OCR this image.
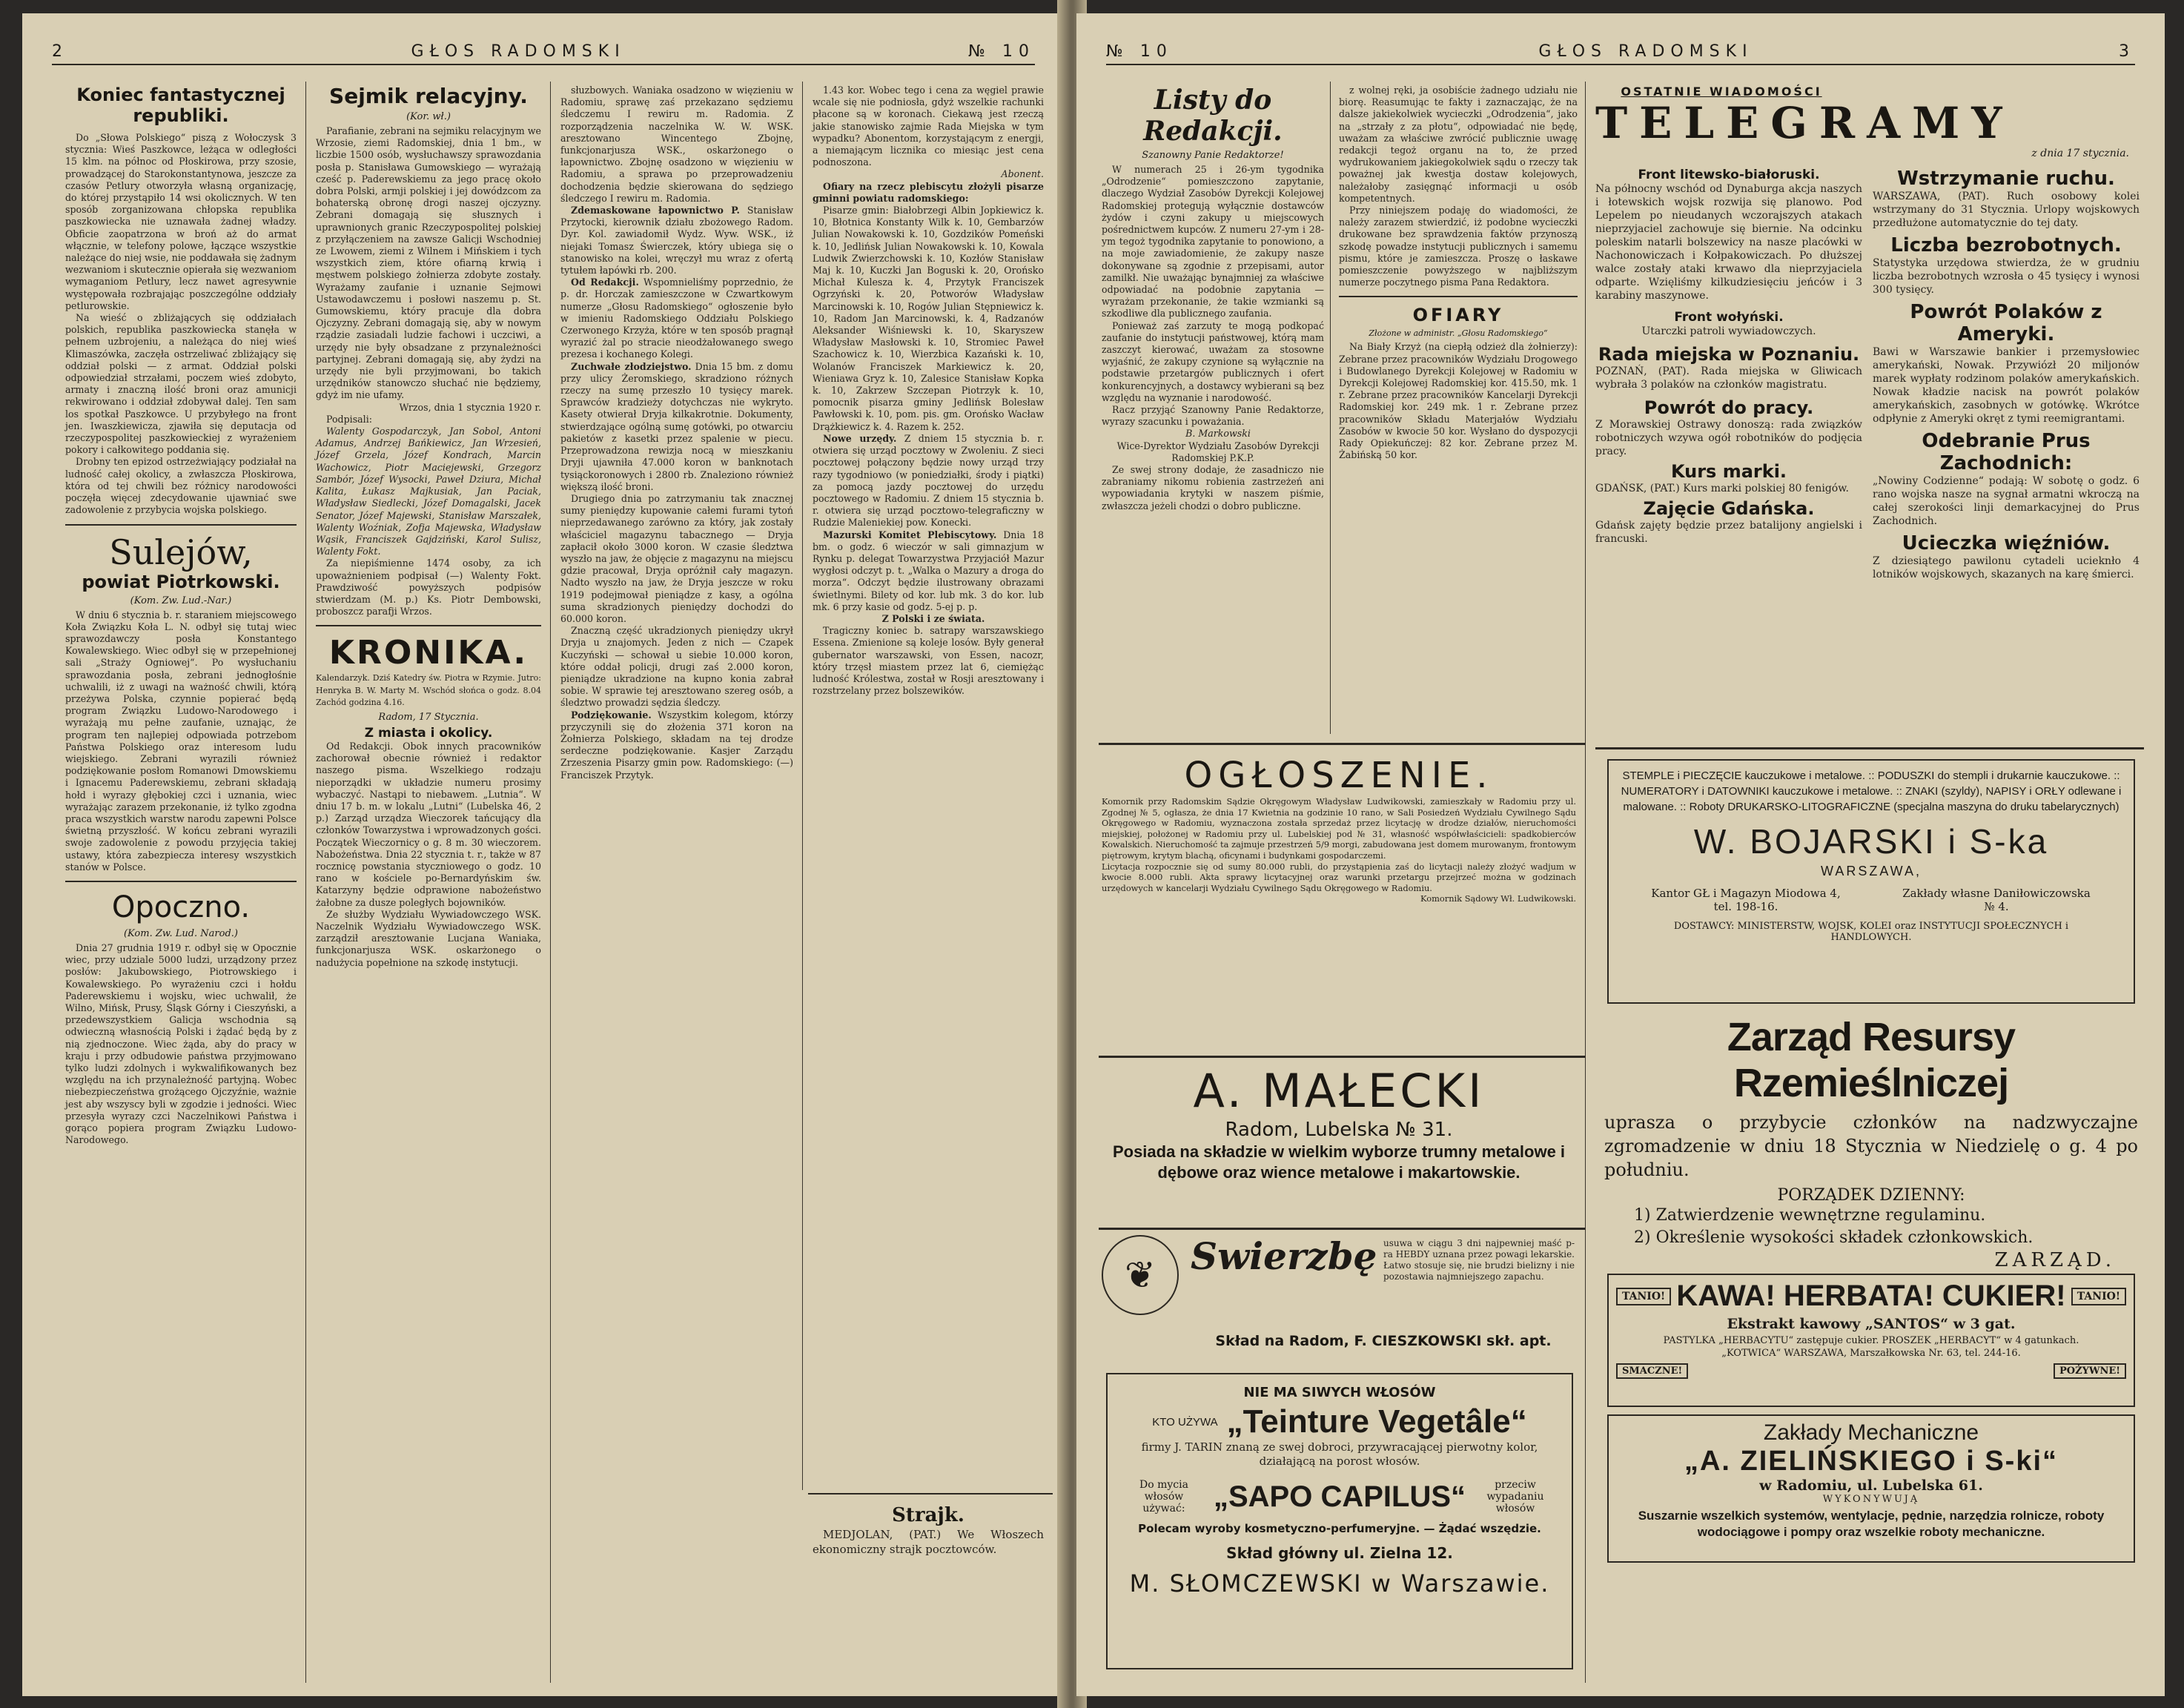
2	GŁOS RADOMSKI	№ 10
Koniec fantastycznej republiki.

Do „Słowa Polskiego“ piszą z Wołoczysk 3 stycznia: Wieś Paszkowce, leżąca w odległości 15 klm. na północ od Płoskirowa, przy szosie, prowadzącej do Starokonstantynowa, jeszcze za czasów Petlury otworzyła własną organizację, do której przystąpiło 14 wsi okolicznych. W ten sposób zorganizowana chłopska republika paszkowiecka nie uznawała żadnej władzy. Obficie zaopatrzona w broń aż do armat włącznie, w telefony polowe, łączące wszystkie należące do niej wsie, nie poddawała się żadnym wezwaniom i skutecznie opierała się wezwaniom wymaganiom Petlury, lecz nawet agresywnie występowała rozbrajając poszczególne oddziały petlurowskie.

Na wieść o zbliżających się oddziałach polskich, republika paszkowiecka stanęła w pełnem uzbrojeniu, a należąca do niej wieś Klimaszówka, zaczęła ostrzeliwać zbliżający się oddział polski — z armat. Oddział polski odpowiedział strzałami, poczem wieś zdobyto, armaty i znaczną ilość broni oraz amunicji rekwirowano i oddział zdobywał dalej. Ten sam los spotkał Paszkowce. U przybyłego na front jen. Iwaszkiewicza, zjawiła się deputacja od rzeczypospolitej paszkowieckiej z wyrażeniem pokory i całkowitego poddania się.

Drobny ten epizod ostrzeżwiający podziałał na ludność całej okolicy, a zwłaszcza Płoskirowa, która od tej chwili bez różnicy narodowości poczęła więcej zdecydowanie ujawniać swe zadowolenie z przybycia wojska polskiego.

Sulejów,
powiat Piotrkowski.
(Kom. Zw. Lud.-Nar.)

W dniu 6 stycznia b. r. staraniem miejscowego Koła Związku Koła L. N. odbył się tutaj wiec sprawozdawczy posła Konstantego Kowalewskiego. Wiec odbył się w przepełnionej sali „Straży Ogniowej“. Po wysłuchaniu sprawozdania posła, zebrani jednogłośnie uchwalili, iż z uwagi na ważność chwili, którą przeżywa Polska, czynnie popierać będą program Związku Ludowo-Narodowego i wyrażają mu pełne zaufanie, uznając, że program ten najlepiej odpowiada potrzebom Państwa Polskiego oraz interesom ludu wiejskiego. Zebrani wyrazili również podziękowanie posłom Romanowi Dmowskiemu i Ignacemu Paderewskiemu, zebrani składają hołd i wyrazy głębokiej czci i uznania, wiec wyrażając zarazem przekonanie, iż tylko zgodna praca wszystkich warstw narodu zapewni Polsce świetną przyszłość. W końcu zebrani wyrazili swoje zadowolenie z powodu przyjęcia takiej ustawy, która zabezpiecza interesy wszystkich stanów w Polsce.

Opoczno.
(Kom. Zw. Lud. Narod.)

Dnia 27 grudnia 1919 r. odbył się w Opocznie wiec, przy udziale 5000 ludzi, urządzony przez posłów: Jakubowskiego, Piotrowskiego i Kowalewskiego. Po wyrażeniu czci i hołdu Paderewskiemu i wojsku, wiec uchwalił, że Wilno, Mińsk, Prusy, Śląsk Górny i Cieszyński, a przedewszystkiem Galicja wschodnia są odwieczną własnością Polski i żądać będą by z nią zjednoczone. Wiec żąda, aby do pracy w kraju i przy odbudowie państwa przyjmowano tylko ludzi zdolnych i wykwalifikowanych bez względu na ich przynależność partyjną. Wobec niebezpieczeństwa grożącego Ojczyźnie, ważnie jest aby wszyscy byli w zgodzie i jedności. Wiec przesyła wyrazy czci Naczelnikowi Państwa i gorąco popiera program Związku Ludowo-Narodowego.

Sejmik relacyjny.
(Kor. wł.)

Parafianie, zebrani na sejmiku relacyjnym we Wrzosie, ziemi Radomskiej, dnia 1 bm., w liczbie 1500 osób, wysłuchawszy sprawozdania posła p. Stanisława Gumowskiego — wyrażają cześć p. Paderewskiemu za jego pracę około dobra Polski, armji polskiej i jej dowódzcom za bohaterską obronę drogi naszej ojczyzny. Zebrani domagają się słusznych i uprawnionych granic Rzeczypospolitej polskiej z przyłączeniem na zawsze Galicji Wschodniej ze Lwowem, ziemi z Wilnem i Mińskiem i tych wszystkich ziem, które ofiarną krwią i męstwem polskiego żołnierza zdobyte zostały. Wyrażamy zaufanie i uznanie Sejmowi Ustawodawczemu i posłowi naszemu p. St. Gumowskiemu, który pracuje dla dobra Ojczyzny. Zebrani domagają się, aby w nowym rządzie zasiadali ludzie fachowi i uczciwi, a urzędy nie były obsadzane z przynależności partyjnej. Zebrani domagają się, aby żydzi na urzędy nie byli przyjmowani, bo takich urzędników stanowczo słuchać nie będziemy, gdyż im nie ufamy.

Wrzos, dnia 1 stycznia 1920 r.

Podpisali:

Walenty Gospodarczyk, Jan Sobol, Antoni Adamus, Andrzej Bańkiewicz, Jan Wrzesień, Józef Grzela, Józef Kondrach, Marcin Wachowicz, Piotr Maciejewski, Grzegorz Sambór, Józef Wysocki, Paweł Dziura, Michał Kalita, Łukasz Majkusiak, Jan Paciak, Władysław Siedlecki, Józef Domagalski, Jacek Senator, Józef Majewski, Stanisław Marszałek, Walenty Woźniak, Zofja Majewska, Władysław Wąsik, Franciszek Gajdziński, Karol Sulisz, Walenty Fokt.

Za niepiśmienne 1474 osoby, za ich upoważnieniem podpisał (—) Walenty Fokt. Prawdziwość powyższych podpisów stwierdzam (M. p.) Ks. Piotr Dembowski, proboszcz parafji Wrzos.

KRONIKA.
Kalendarzyk. Dziś Katedry św. Piotra w Rzymie. Jutro: Henryka B. W. Marty M. Wschód słońca o godz. 8.04 Zachód godzina 4.16.
Radom, 17 Stycznia.
Z miasta i okolicy.

Od Redakcji. Obok innych pracowników zachorował obecnie również i redaktor naszego pisma. Wszelkiego rodzaju nieporządki w układzie numeru prosimy wybaczyć. Nastąpi to niebawem. „Lutnia“. W dniu 17 b. m. w lokalu „Lutni“ (Lubelska 46, 2 p.) Zarząd urządza Wieczorek tańcujący dla członków Towarzystwa i wprowadzonych gości. Początek Wieczornicy o g. 8 m. 30 wieczorem. Nabożeństwa. Dnia 22 stycznia t. r., także w 87 rocznicę powstania styczniowego o godz. 10 rano w kościele po-Bernardyńskim św. Katarzyny będzie odprawione nabożeństwo żałobne za dusze poległych bojowników.

Ze służby Wydziału Wywiadowczego WSK. Naczelnik Wydziału Wywiadowczego WSK. zarządził aresztowanie Lucjana Waniaka, funkcjonarjusza WSK. oskarżonego o nadużycia popełnione na szkodę instytucji.

słuzbowych. Waniaka osadzono w więzieniu w Radomiu, sprawę zaś przekazano sędziemu śledczemu I rewiru m. Radomia. Z rozporządzenia naczelnika W. W. WSK. aresztowano Wincentego Zbojnę, funkcjonarjusza WSK., oskarżonego o łapownictwo. Zbojnę osadzono w więzieniu w Radomiu, a sprawa po przeprowadzeniu dochodzenia będzie skierowana do sędziego śledczego I rewiru m. Radomia.

Zdemaskowane łapownictwo P. Stanisław Przytocki, kierownik działu zbożowego Radom. Dyr. Kol. zawiadomił Wydz. Wyw. WSK., iż niejaki Tomasz Świerczek, który ubiega się o stanowisko na kolei, wręczył mu wraz z ofertą tytułem łapówki rb. 200.

Od Redakcji. Wspomnieliśmy poprzednio, że p. dr. Horczak zamieszczone w Czwartkowym numerze „Głosu Radomskiego“ ogłoszenie było w imieniu Radomskiego Oddziału Polskiego Czerwonego Krzyża, które w ten sposób pragnął wyrazić żal po stracie nieodżałowanego swego prezesa i kochanego Kolegi.

Zuchwałe złodziejstwo. Dnia 15 bm. z domu przy ulicy Żeromskiego, skradziono różnych rzeczy na sumę przeszło 10 tysięcy marek. Sprawców kradzieży dotychczas nie wykryto. Kasety otwierał Dryja kilkakrotnie. Dokumenty, stwierdzające ogólną sumę gotówki, po otwarciu pakietów z kasetki przez spalenie w piecu. Przeprowadzona rewizja nocą w mieszkaniu Dryji ujawniła 47.000 koron w banknotach tysiąckoronowych i 2800 rb. Znaleziono również większą ilość broni.

Drugiego dnia po zatrzymaniu tak znacznej sumy pieniędzy kupowanie całemi furami tytoń nieprzedawanego zarówno za który, jak zostały właściciel magazynu tabacznego — Dryja zapłacił około 3000 koron. W czasie śledztwa wyszło na jaw, że objęcie z magazynu na miejscu gdzie pracował, Dryja opróżnił cały magazyn. Nadto wyszło na jaw, że Dryja jeszcze w roku 1919 podejmował pieniądze z kasy, a ogólna suma skradzionych pieniędzy dochodzi do 60.000 koron.

Znaczną część ukradzionych pieniędzy ukrył Dryja u znajomych. Jeden z nich — Czapek Kuczyński — schował u siebie 10.000 koron, które oddał policji, drugi zaś 2.000 koron, pieniądze ukradzione na kupno konia zabrał sobie. W sprawie tej aresztowano szereg osób, a śledztwo prowadzi sędzia śledczy.

Podziękowanie. Wszystkim kolegom, którzy przyczynili się do złożenia 371 koron na Żołnierza Polskiego, składam na tej drodze serdeczne podziękowanie. Kasjer Zarządu Zrzeszenia Pisarzy gmin pow. Radomskiego: (—) Franciszek Przytyk.

1.43 kor. Wobec tego i cena za węgiel prawie wcale się nie podniosła, gdyż wszelkie rachunki płacone są w koronach. Ciekawą jest rzeczą jakie stanowisko zajmie Rada Miejska w tym wypadku? Abonentom, korzystającym z energji, a niemającym licznika co miesiąc jest cena podnoszona.

Abonent.

Ofiary na rzecz plebiscytu złożyli pisarze gminni powiatu radomskiego:

Pisarze gmin: Białobrzegi Albin Jopkiewicz k. 10, Błotnica Konstanty Wilk k. 10, Gembarzów Julian Nowakowski k. 10, Gozdzików Pomeński k. 10, Jedlińsk Julian Nowakowski k. 10, Kowala Ludwik Zwierzchowski k. 10, Kozłów Stanisław Maj k. 10, Kuczki Jan Boguski k. 20, Orońsko Michał Kulesza k. 4, Przytyk Franciszek Ogrzyński k. 20, Potworów Władysław Marcinowski k. 10, Rogów Julian Stępniewicz k. 10, Radom Jan Marcinowski, k. 4, Radzanów Aleksander Wiśniewski k. 10, Skaryszew Władysław Masłowski k. 10, Stromiec Paweł Szachowicz k. 10, Wierzbica Kazański k. 10, Wolanów Franciszek Markiewicz k. 20, Wieniawa Gryz k. 10, Zalesice Stanisław Kopka k. 10, Zakrzew Szczepan Piotrzyk k. 10, pomocnik pisarza gminy Jedlińsk Bolesław Pawłowski k. 10, pom. pis. gm. Orońsko Wacław Drążkiewicz k. 4. Razem k. 252.

Nowe urzędy. Z dniem 15 stycznia b. r. otwiera się urząd pocztowy w Zwoleniu. Z sieci pocztowej połączony będzie nowy urząd trzy razy tygodniowo (w poniedziałki, środy i piątki) za pomocą jazdy pocztowej do urzędu pocztowego w Radomiu. Z dniem 15 stycznia b. r. otwiera się urząd pocztowo-telegraficzny w Rudzie Maleniekiej pow. Konecki.

Mazurski Komitet Plebiscytowy. Dnia 18 bm. o godz. 6 wieczór w sali gimnazjum w Rynku p. delegat Towarzystwa Przyjaciół Mazur wygłosi odczyt p. t. „Walka o Mazury a droga do morza“. Odczyt będzie ilustrowany obrazami świetlnymi. Bilety od kor. lub mk. 3 do kor. lub mk. 6 przy kasie od godz. 5-ej p. p.

Z Polski i ze świata.

Tragiczny koniec b. satrapy warszawskiego Essena. Zmienione są koleje losów. Były generał gubernator warszawski, von Essen, nacozr, który trzęsł miastem przez lat 6, ciemiężąc ludność Królestwa, został w Rosji aresztowany i rozstrzelany przez bolszewików.

Strajk.

MEDJOLAN, (PAT.) We Włoszech ekonomiczny strajk pocztowców.

№ 10	GŁOS RADOMSKI	3
Listy do Redakcji.
Szanowny Panie Redaktorze!

W numerach 25 i 26-ym tygodnika „Odrodzenie“ pomieszczono zapytanie, dlaczego Wydział Zasobów Dyrekcji Kolejowej Radomskiej protegują wyłącznie dostawców żydów i czyni zakupy u miejscowych pośrednictwem kupców. Z numeru 27-ym i 28-ym tegoż tygodnika zapytanie to ponowiono, a na moje zawiadomienie, że zakupy nasze dokonywane są zgodnie z przepisami, autor zamilkł. Nie uważając bynajmniej za właściwe odpowiadać na podobnie zapytania — wyrażam przekonanie, że takie wzmianki są szkodliwe dla publicznego zaufania.

Ponieważ zaś zarzuty te mogą podkopać zaufanie do instytucji państwowej, którą mam zaszczyt kierować, uważam za stosowne wyjaśnić, że zakupy czynione są wyłącznie na podstawie przetargów publicznych i ofert konkurencyjnych, a dostawcy wybierani są bez względu na wyznanie i narodowość.

Racz przyjąć Szanowny Panie Redaktorze, wyrazy szacunku i poważania.

B. Markowski

Wice-Dyrektor Wydziału Zasobów Dyrekcji Radomskiej P.K.P.

Ze swej strony dodaje, że zasadniczo nie zabraniamy nikomu robienia zastrzeżeń ani wypowiadania krytyki w naszem piśmie, zwłaszcza jeżeli chodzi o dobro publiczne.

z wolnej ręki, ja osobiście żadnego udziału nie biorę. Reasumując te fakty i zaznaczając, że na dalsze jakiekolwiek wycieczki „Odrodzenia“, jako na „strzały z za płotu“, odpowiadać nie będę, uważam za właściwe zwrócić publicznie uwagę redakcji tegoż organu na to, że przed wydrukowaniem jakiegokolwiek sądu o rzeczy tak poważnej jak kwestja dostaw kolejowych, należałoby zasięgnąć informacji u osób kompetentnych.

Przy niniejszem podaję do wiadomości, że należy zarazem stwierdzić, iż podobne wycieczki drukowane bez sprawdzenia faktów przynoszą szkodę powadze instytucji publicznych i samemu pismu, które je zamieszcza. Proszę o łaskawe pomieszczenie powyższego w najbliższym numerze poczytnego pisma Pana Redaktora.

OFIARY
Złożone w administr. „Głosu Radomskiego“

Na Biały Krzyż (na ciepłą odzież dla żołnierzy): Zebrane przez pracowników Wydziału Drogowego i Budowlanego Dyrekcji Kolejowej w Radomiu w Dyrekcji Kolejowej Radomskiej kor. 415.50, mk. 1 r. Zebrane przez pracowników Kancelarji Dyrekcji Radomskiej kor. 249 mk. 1 r. Zebrane przez pracowników Składu Materjałów Wydziału Zasobów w kwocie 50 kor. Wysłano do dyspozycji Rady Opiekuńczej: 82 kor. Zebrane przez M. Żabińską 50 kor.

OGŁOSZENIE.

Komornik przy Radomskim Sądzie Okręgowym Władysław Ludwikowski, zamieszkały w Radomiu przy ul. Zgodnej № 5, ogłasza, że dnia 17 Kwietnia na godzinie 10 rano, w Sali Posiedzeń Wydziału Cywilnego Sądu Okręgowego w Radomiu, wyznaczona została sprzedaż przez licytację w drodze działów, nieruchomości miejskiej, położonej w Radomiu przy ul. Lubelskiej pod № 31, własność współwłaścicieli: spadkobierców Kowalskich. Nieruchomość ta zajmuje przestrzeń 5/9 morgi, zabudowana jest domem murowanym, frontowym piętrowym, krytym blachą, oficynami i budynkami gospodarczemi.

Licytacja rozpocznie się od sumy 80.000 rubli, do przystąpienia zaś do licytacji należy złożyć wadjum w kwocie 8.000 rubli. Akta sprawy licytacyjnej oraz warunki przetargu przejrzeć można w godzinach urzędowych w kancelarji Wydziału Cywilnego Sądu Okręgowego w Radomiu.

Komornik Sądowy Wł. Ludwikowski.

A. MAŁECKI
Radom, Lubelska № 31.
Posiada na składzie w wielkim wyborze trumny metalowe i dębowe oraz wience metalowe i makartowskie.
❦ Swierzbę usuwa w ciągu 3 dni najpewniej maść p-ra HEBDY uznana przez powagi lekarskie. Łatwo stosuje się, nie brudzi bielizny i nie pozostawia najmniejszego zapachu.
Skład na Radom, F. CIESZKOWSKI skł. apt.
NIE MA SIWYCH WŁOSÓW
KTO UŻYWA „Teinture Vegetâle“
firmy J. TARIN znaną ze swej dobroci, przywracającej pierwotny kolor, działającą na porost włosów.
Do mycia włosów używać: „SAPO CAPILUS“	przeciw wypadaniu włosów
Polecam wyroby kosmetyczno-perfumeryjne. — Żądać wszędzie.
Skład główny ul. Zielna 12.
M. SŁOMCZEWSKI w Warszawie.
OSTATNIE WIADOMOŚCI
TELEGRAMY
z dnia 17 stycznia.
Front litewsko-białoruski.
Na północny wschód od Dynaburga akcja naszych i łotewskich wojsk rozwija się planowo. Pod Lepelem po nieudanych wczorajszych atakach nieprzyjaciel zachowuje się biernie. Na odcinku poleskim natarli bolszewicy na nasze placówki w Nachonowiczach i Kołpakowiczach. Po dłuższej walce zostały ataki krwawo dla nieprzyjaciela odparte. Wzięliśmy kilkudziesięciu jeńców i 3 karabiny maszynowe.
Front wołyński.
Utarczki patroli wywiadowczych.
Rada miejska w Poznaniu.
POZNAŃ, (PAT). Rada miejska w Gliwicach wybrała 3 polaków na członków magistratu.
Powrót do pracy.
Z Morawskiej Ostrawy donoszą: rada związków robotniczych wzywa ogół robotników do podjęcia pracy.
Kurs marki.
GDAŃSK, (PAT.) Kurs marki polskiej 80 fenigów.
Zajęcie Gdańska.
Gdańsk zajęty będzie przez batalijony angielski i francuski.
Wstrzymanie ruchu.
WARSZAWA, (PAT). Ruch osobowy kolei wstrzymany do 31 Stycznia. Urlopy wojskowych przedłużone automatycznie do tej daty.
Liczba bezrobotnych.
Statystyka urzędowa stwierdza, że w grudniu liczba bezrobotnych wzrosła o 45 tysięcy i wynosi 300 tysięcy.
Powrót Polaków z Ameryki.
Bawi w Warszawie bankier i przemysłowiec amerykański, Nowak. Przywiózł 20 miljonów marek wypłaty rodzinom polaków amerykańskich. Nowak kładzie nacisk na powrót polaków amerykańskich, zasobnych w gotówkę. Wkrótce odpłynie z Ameryki okręt z tymi reemigrantami.
Odebranie Prus Zachodnich:
„Nowiny Codzienne“ podają: W sobotę o godz. 6 rano wojska nasze na sygnał armatni wkroczą na całej szerokości linji demarkacyjnej do Prus Zachodnich.
Ucieczka więźniów.
Z dziesiątego pawilonu cytadeli ucieknło 4 lotników wojskowych, skazanych na karę śmierci.
STEMPLE i PIECZĘCIE kauczukowe i metalowe. :: PODUSZKI do stempli i drukarnie kauczukowe. :: NUMERATORY i DATOWNIKI kauczukowe i metalowe. :: ZNAKI (szyldy), NAPISY i ORŁY odlewane i malowane. :: Roboty DRUKARSKO-LITOGRAFICZNE (specjalna maszyna do druku tabelarycznych)
W. BOJARSKI i S-ka
WARSZAWA,
Kantor GŁ i Magazyn Miodowa 4, tel. 198-16.
Zakłady własne Daniłowiczowska № 4.
DOSTAWCY: MINISTERSTW, WOJSK, KOLEI oraz INSTYTUCJI SPOŁECZNYCH i HANDLOWYCH.
Zarząd Resursy Rzemieślniczej
uprasza o przybycie członków na nadzwyczajne zgromadzenie w dniu 18 Stycznia w Niedzielę o g. 4 po południu.
PORZĄDEK DZIENNY:
1) Zatwierdzenie wewnętrzne regulaminu.
2) Określenie wysokości składek członkowskich.
ZARZĄD.
TANIO! KAWA! HERBATA! CUKIER!	TANIO!
Ekstrakt kawowy „SANTOS“ w 3 gat.
PASTYLKA „HERBACYTU“ zastępuje cukier. PROSZEK „HERBACYT“ w 4 gatunkach.
„KOTWICA“ WARSZAWA, Marszałkowska Nr. 63, tel. 244-16.
SMACZNE!	POŻYWNE!
Zakłady Mechaniczne
„A. ZIELIŃSKIEGO i S-ki“
w Radomiu, ul. Lubelska 61.
WYKONYWUJĄ
Suszarnie wszelkich systemów, wentylacje, pędnie, narzędzia rolnicze, roboty wodociągowe i pompy oraz wszelkie roboty mechaniczne.
